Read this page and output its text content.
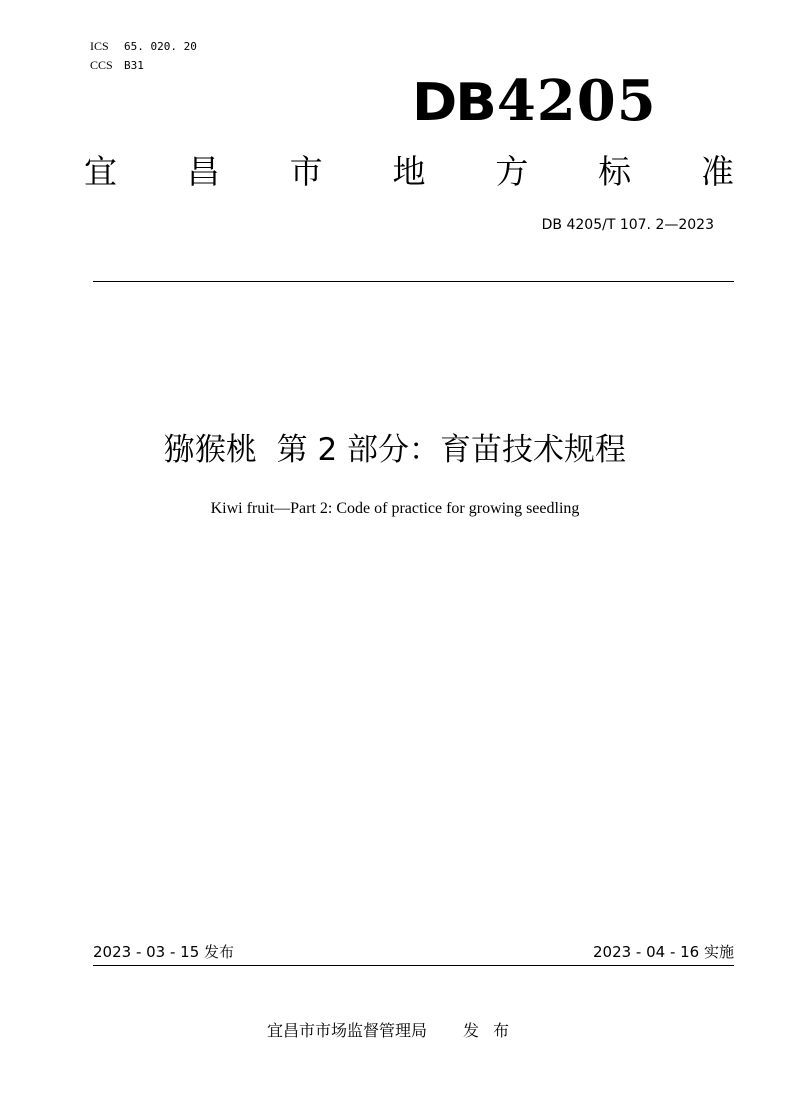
ICS 65. 020. 20
CCS B31
DB4205
宜 昌 市 地 方 标 准
DB 4205/T 107. 2—2023
猕猴桃  第 2 部分：育苗技术规程
Kiwi fruit—Part 2: Code of practice for growing seedling
2023 - 03 - 15 发布	2023 - 04 - 16 实施
宜昌市市场监督管理局 发布
